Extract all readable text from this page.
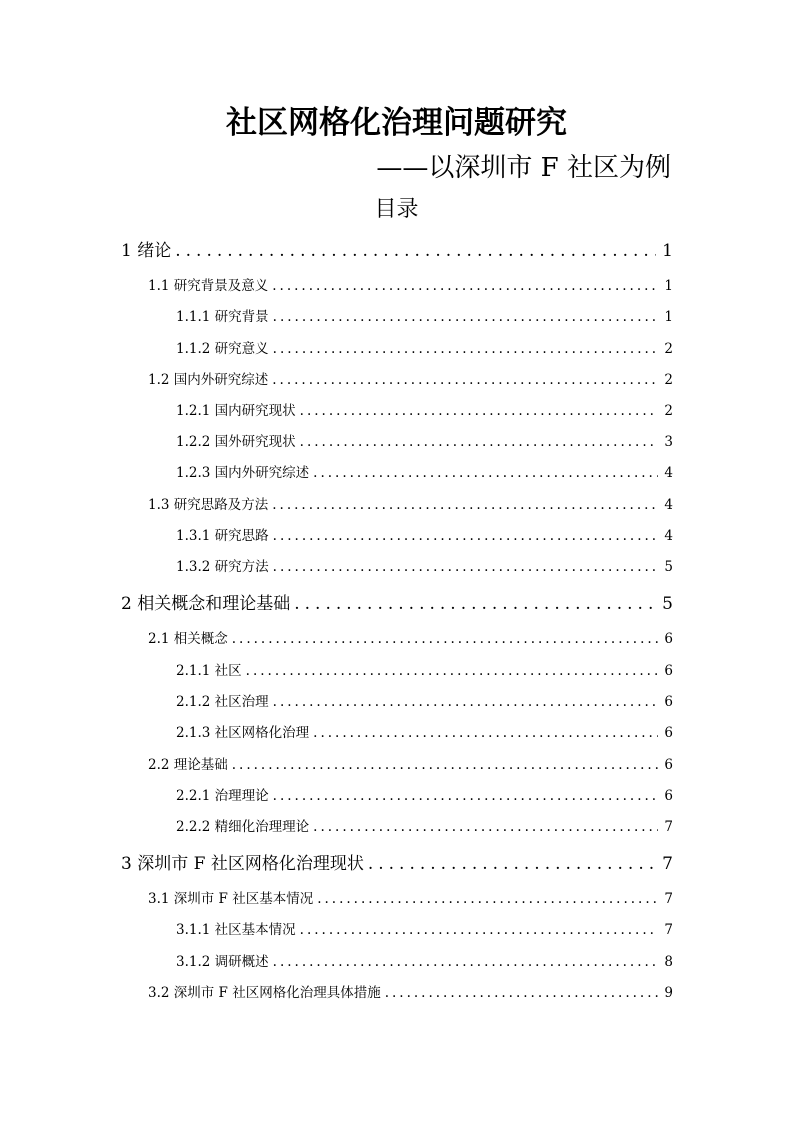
社区网格化治理问题研究
——以深圳市 F 社区为例
目录
1 绪论 .....	1
1.1 研究背景及意义 .....	1
1.1.1 研究背景 .....	1
1.1.2 研究意义 .....	2
1.2 国内外研究综述 .....	2
1.2.1 国内研究现状 .....	2
1.2.2 国外研究现状 .....	3
1.2.3 国内外研究综述 .....	4
1.3 研究思路及方法 .....	4
1.3.1 研究思路 .....	4
1.3.2 研究方法 .....	5
2 相关概念和理论基础 .....	5
2.1 相关概念 .....	6
2.1.1 社区 .....	6
2.1.2 社区治理 .....	6
2.1.3 社区网格化治理 .....	6
2.2 理论基础 .....	6
2.2.1 治理理论 .....	6
2.2.2 精细化治理理论 .....	7
3 深圳市 F 社区网格化治理现状 .....	7
3.1 深圳市 F 社区基本情况 .....	7
3.1.1 社区基本情况 .....	7
3.1.2 调研概述 .....	8
3.2 深圳市 F 社区网格化治理具体措施 .....	9
